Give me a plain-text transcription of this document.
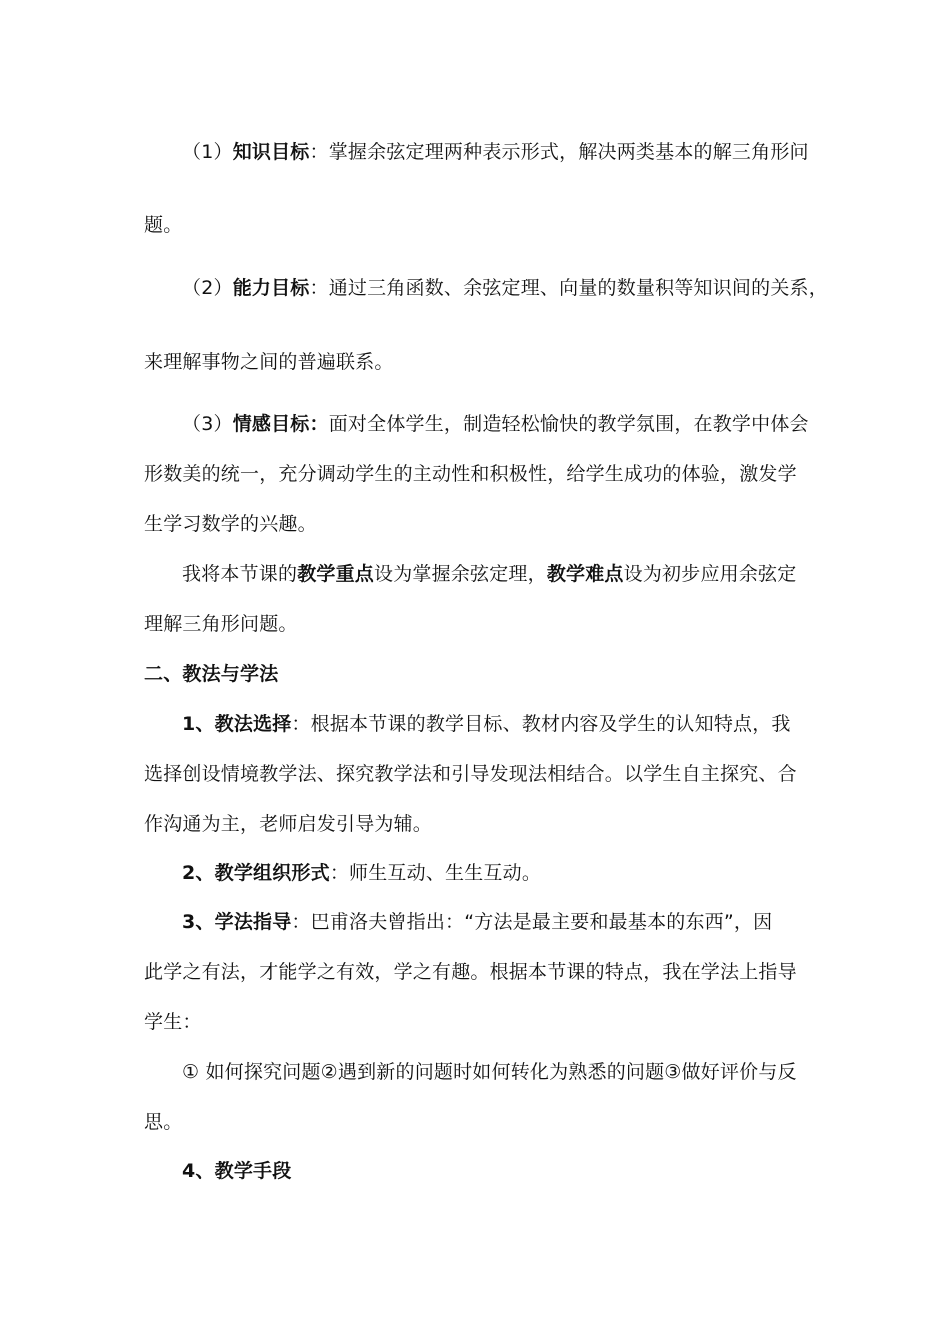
（1）知识目标：掌握余弦定理两种表示形式，解决两类基本的解三角形问
题。
（2）能力目标：通过三角函数、余弦定理、向量的数量积等知识间的关系，
来理解事物之间的普遍联系。
（3）情感目标：面对全体学生，制造轻松愉快的教学氛围，在教学中体会
形数美的统一，充分调动学生的主动性和积极性，给学生成功的体验，激发学
生学习数学的兴趣。
我将本节课的教学重点设为掌握余弦定理，教学难点设为初步应用余弦定
理解三角形问题。
二、教法与学法
1、教法选择：根据本节课的教学目标、教材内容及学生的认知特点，我
选择创设情境教学法、探究教学法和引导发现法相结合。以学生自主探究、合
作沟通为主，老师启发引导为辅。
2、教学组织形式：师生互动、生生互动。
3、学法指导：巴甫洛夫曾指出：“方法是最主要和最基本的东西”，因
此学之有法，才能学之有效，学之有趣。根据本节课的特点，我在学法上指导
学生：
① 如何探究问题②遇到新的问题时如何转化为熟悉的问题③做好评价与反
思。
4、教学手段
